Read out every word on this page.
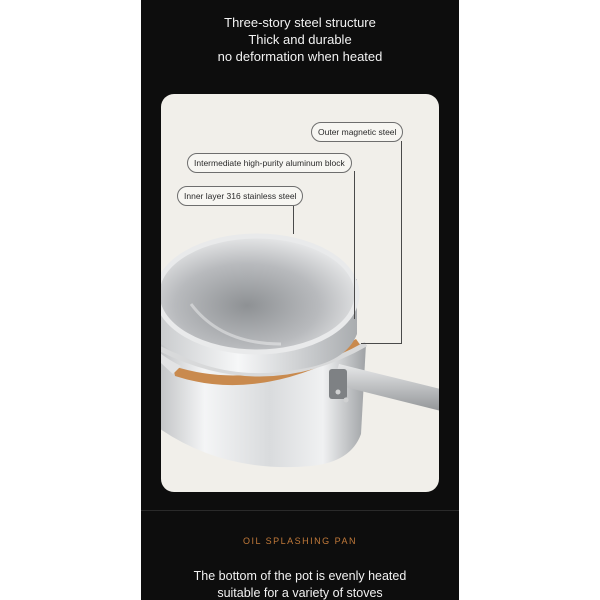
Three-story steel structure
Thick and durable
no deformation when heated
Outer magnetic steel
Intermediate high-purity aluminum block
Inner layer 316 stainless steel
OIL SPLASHING PAN
The bottom of the pot is evenly heated
suitable for a variety of stoves
